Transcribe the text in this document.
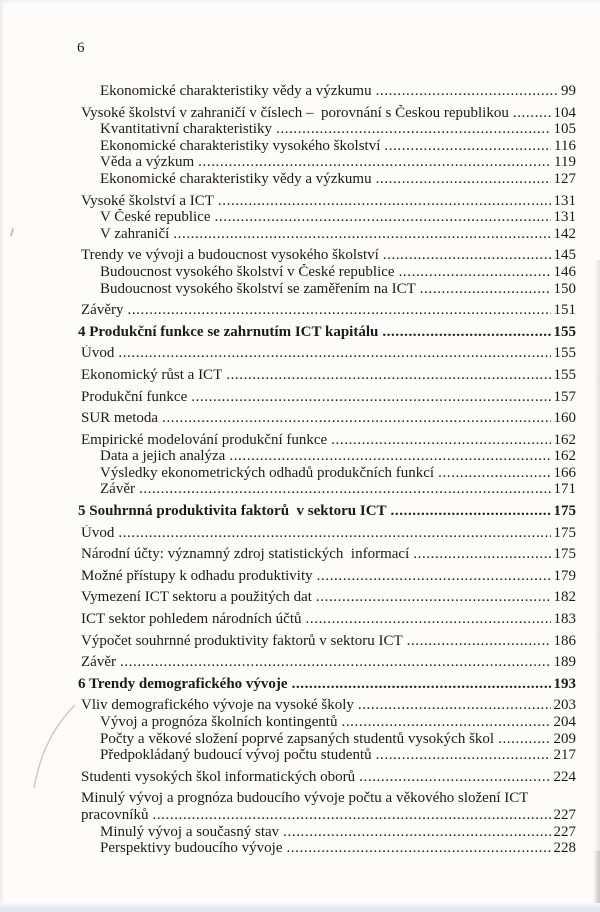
6
Ekonomické charakteristiky vědy a výzkumu .....	99
Vysoké školství v zahraničí v číslech –  porovnání s Českou republikou .....	104
Kvantitativní charakteristiky .....	105
Ekonomické charakteristiky vysokého školství .....	116
Věda a výzkum .....	119
Ekonomické charakteristiky vědy a výzkumu .....	127
Vysoké školství a ICT .....	131
V České republice .....	131
V zahraničí .....	142
Trendy ve vývoji a budoucnost vysokého školství .....	145
Budoucnost vysokého školství v České republice .....	146
Budoucnost vysokého školství se zaměřením na ICT .....	150
Závěry .....	151
4 Produkční funkce se zahrnutím ICT kapitálu .....	155
Úvod .....	155
Ekonomický růst a ICT .....	155
Produkční funkce .....	157
SUR metoda .....	160
Empirické modelování produkční funkce .....	162
Data a jejich analýza .....	162
Výsledky ekonometrických odhadů produkčních funkcí .....	166
Závěr .....	171
5 Souhrnná produktivita faktorů  v sektoru ICT .....	175
Úvod .....	175
Národní účty: významný zdroj statistických  informací .....	175
Možné přístupy k odhadu produktivity .....	179
Vymezení ICT sektoru a použitých dat .....	182
ICT sektor pohledem národních účtů .....	183
Výpočet souhrnné produktivity faktorů v sektoru ICT .....	186
Závěr .....	189
6 Trendy demografického vývoje .....	193
Vliv demografického vývoje na vysoké školy .....	203
Vývoj a prognóza školních kontingentů .....	204
Počty a věkové složení poprvé zapsaných studentů vysokých škol .....	209
Předpokládaný budoucí vývoj počtu studentů .....	217
Studenti vysokých škol informatických oborů .....	224
Minulý vývoj a prognóza budoucího vývoje počtu a věkového složení ICT
pracovníků .....	227
Minulý vývoj a současný stav .....	227
Perspektivy budoucího vývoje .....	228
